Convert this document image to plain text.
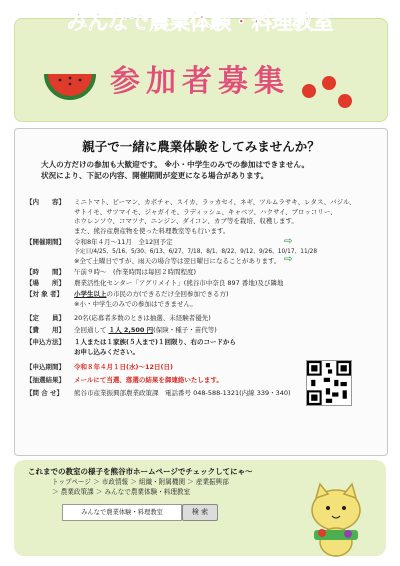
みんなで農業体験・料理教室
参加者募集
親子で一緒に農業体験をしてみませんか？
大人の方だけの参加も大歓迎です。 ※小・中学生のみでの参加はできません。
状況により、下記の内容、開催期間が変更になる場合があります。
【内　　容】	ミニトマト、ピーマン、カボチャ、スイカ、ラッカセイ、ネギ、ツルムラサキ、レタス、バジル、
サトイモ、サツマイモ、ジャガイモ、ラディッシュ、キャベツ、ハクサイ、ブロッコリー、
ホウレンソウ、コマツナ、ニンジン、ダイコン、カブ等を栽培、収穫します。
また、熊谷産農産物を使った料理教室等も行います。
【開催期間】	令和8年４月～11月　全12回予定
予定日/4/25、5/16、5/30、6/13、6/27、7/18、8/1、8/22、9/12、9/26、10/17、11/28
※全て土曜日ですが、雨天の場合等は翌日曜日になることがあります。
【時　　間】	午前９時～　(作業時間は毎回２時間程度)
【場　　所】	農業活性化センター「アグリメイト」(熊谷市中奈良 897 番地)及び隣地
【対 象 者】	小学生以上の市民の方(できるだけ全回参加できる方)
※小・中学生のみでの参加はできません。
【定　　員】	20名(応募者多数のときは抽選、未経験者優先)
【費　　用】	全回通して １人 2,500 円(保険・種子・苗代等)
【申込方法】	１人または１家族(５人まで)１回限り、右のコードから
お申し込みください。
【申込期間】	令和８年４月１日(水)～12日(日)
【抽選結果】	メールにて当選、落選の結果を御連絡いたします。
【問 合 せ】	熊谷市産業振興部農業政策課　電話番号 048-588-1321(内線 339・340)
⇨
⇨
これまでの教室の様子を熊谷市ホームページでチェックしてにゃ～
トップページ ＞ 市政情報 ＞ 組織・附属機関 ＞ 産業振興部
＞ 農業政策課 ＞ みんなで農業体験・料理教室
みんなで農業体験・料理教室	検 索
